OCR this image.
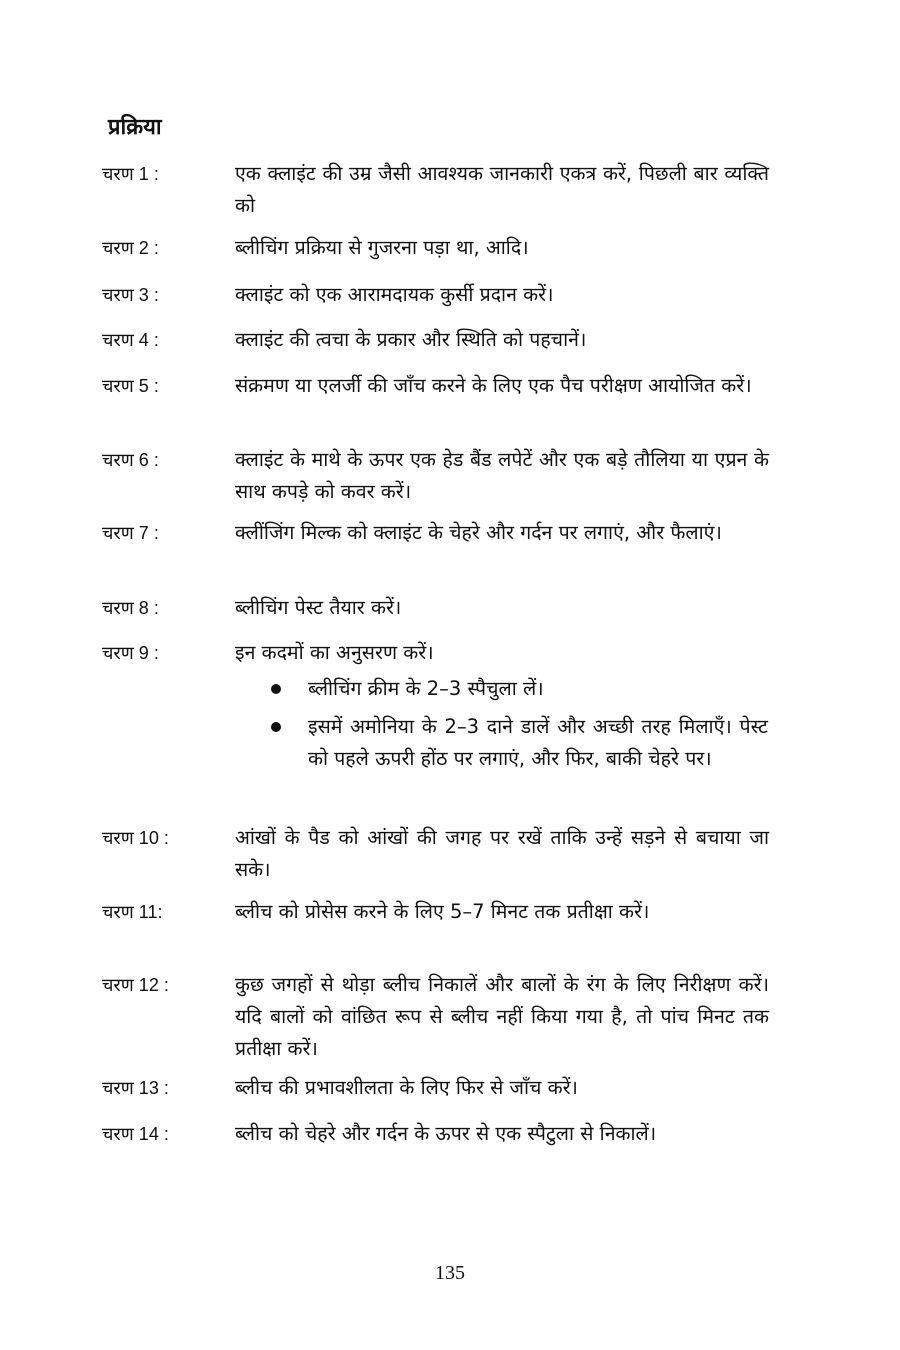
प्रक्रिया
चरण 1 :	एक क्लाइंट की उम्र जैसी आवश्यक जानकारी एकत्र करें, पिछली बार व्यक्ति को
चरण 2 :	ब्लीचिंग प्रक्रिया से गुजरना पड़ा था, आदि।
चरण 3 :	क्लाइंट को एक आरामदायक कुर्सी प्रदान करें।
चरण 4 :	क्लाइंट की त्वचा के प्रकार और स्थिति को पहचानें।
चरण 5 :	संक्रमण या एलर्जी की जाँच करने के लिए एक पैच परीक्षण आयोजित करें।
चरण 6 :	क्लाइंट के माथे के ऊपर एक हेड बैंड लपेटें और एक बड़े तौलिया या एप्रन के साथ कपड़े को कवर करें।
चरण 7 :	क्लींजिंग मिल्क को क्लाइंट के चेहरे और गर्दन पर लगाएं, और फैलाएं।
चरण 8 :	ब्लीचिंग पेस्ट तैयार करें।
चरण 9 :	इन कदमों का अनुसरण करें।
ब्लीचिंग क्रीम के 2–3 स्पैचुला लें।
इसमें अमोनिया के 2–3 दाने डालें और अच्छी तरह मिलाएँ। पेस्ट को पहले ऊपरी होंठ पर लगाएं, और फिर, बाकी चेहरे पर।
चरण 10 :	आंखों के पैड को आंखों की जगह पर रखें ताकि उन्हें सड़ने से बचाया जा सके।
चरण 11:	ब्लीच को प्रोसेस करने के लिए 5–7 मिनट तक प्रतीक्षा करें।
चरण 12 :	कुछ जगहों से थोड़ा ब्लीच निकालें और बालों के रंग के लिए निरीक्षण करें। यदि बालों को वांछित रूप से ब्लीच नहीं किया गया है, तो पांच मिनट तक प्रतीक्षा करें।
चरण 13 :	ब्लीच की प्रभावशीलता के लिए फिर से जाँच करें।
चरण 14 :	ब्लीच को चेहरे और गर्दन के ऊपर से एक स्पैटुला से निकालें।
135
